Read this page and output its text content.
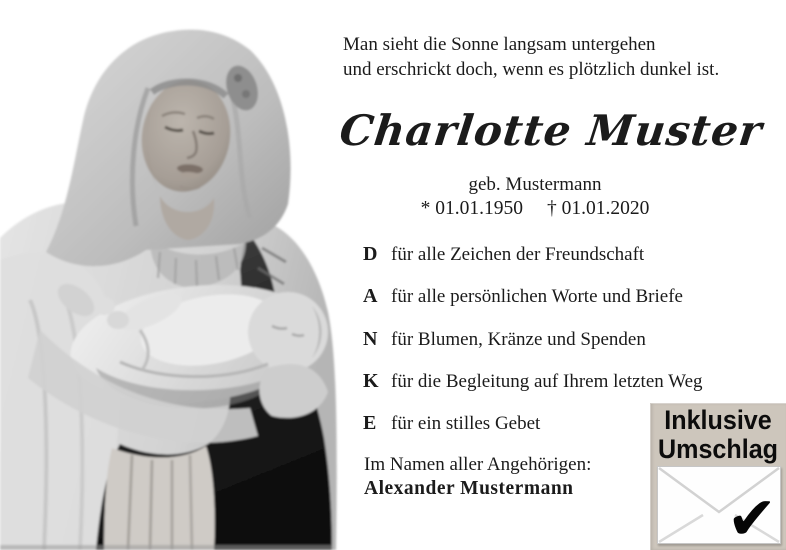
Man sieht die Sonne langsam untergehen
und erschrickt doch, wenn es plötzlich dunkel ist.
Charlotte Muster
geb. Mustermann
* 01.01.1950 † 01.01.2020
D für alle Zeichen der Freundschaft
A für alle persönlichen Worte und Briefe
N für Blumen, Kränze und Spenden
K für die Begleitung auf Ihrem letzten Weg
E für ein stilles Gebet
Im Namen aller Angehörigen:
Alexander Mustermann
Inklusive
Umschlag
✔
